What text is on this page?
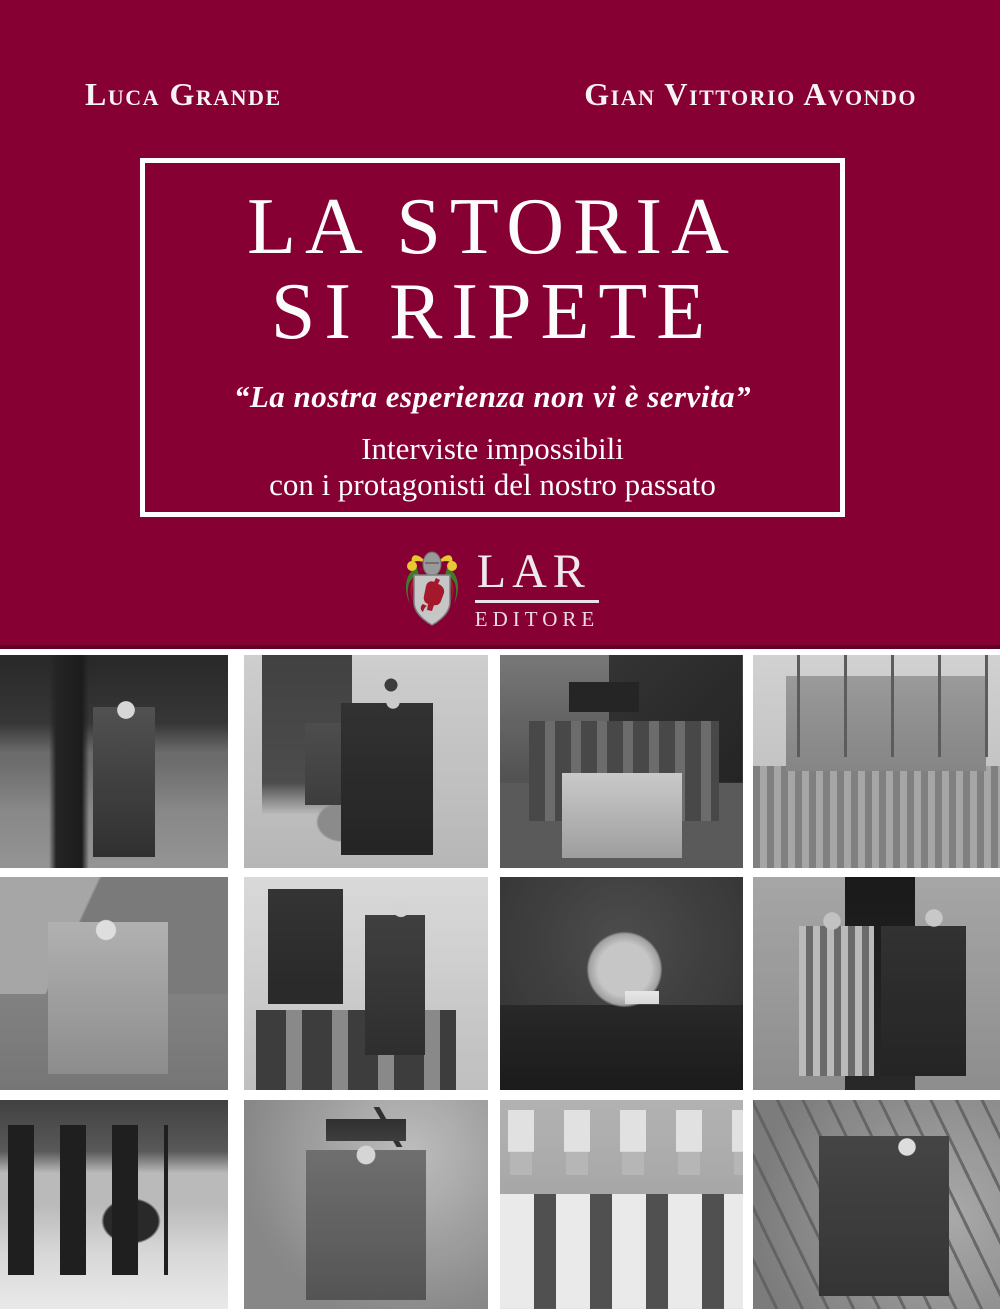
Luca Grande	Gian Vittorio Avondo
LA STORIA
SI RIPETE
“La nostra esperienza non vi è servita”
Interviste impossibili
con i protagonisti del nostro passato
LAR
EDITORE
